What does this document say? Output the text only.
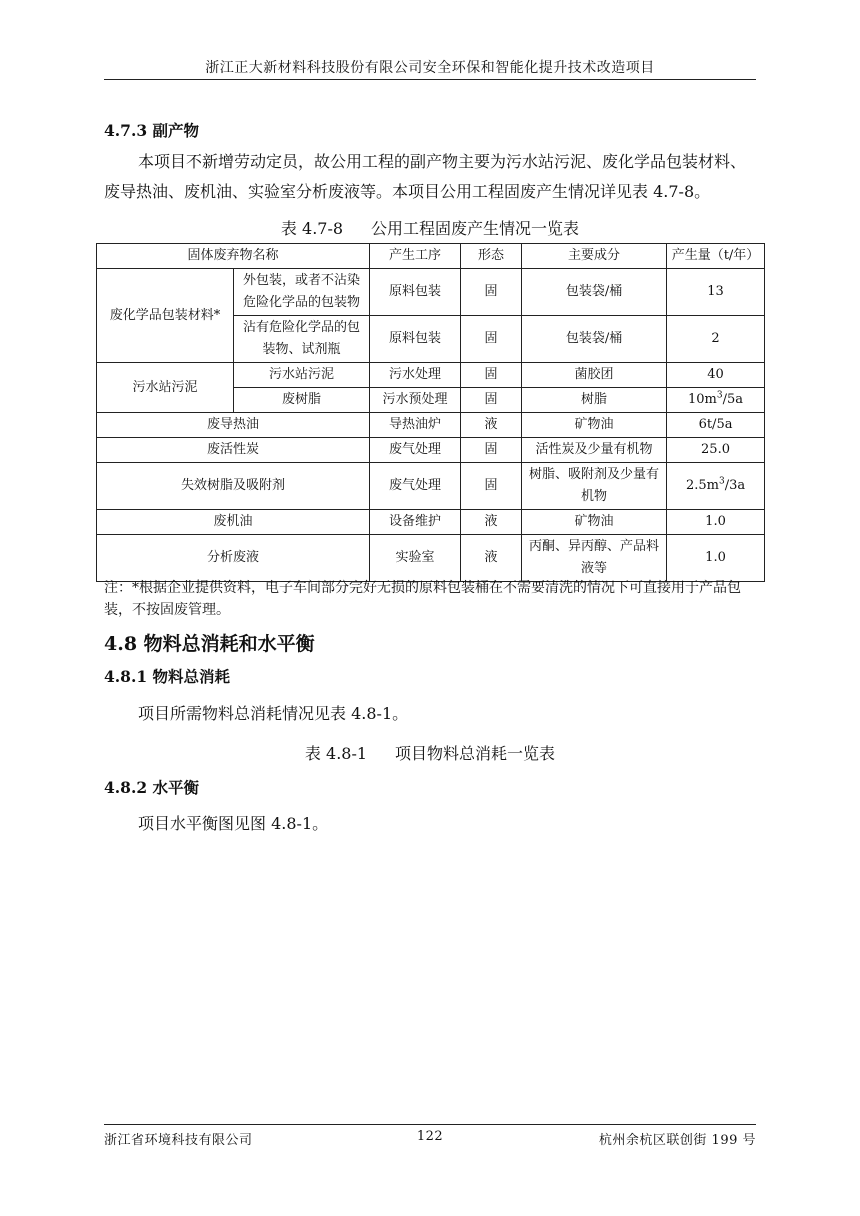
浙江正大新材料科技股份有限公司安全环保和智能化提升技术改造项目
4.7.3 副产物

本项目不新增劳动定员，故公用工程的副产物主要为污水站污泥、废化学品包装材料、废导热油、废机油、实验室分析废液等。本项目公用工程固废产生情况详见表 4.7-8。

表 4.7-8 公用工程固废产生情况一览表
固体废弃物名称		产生工序	形态	主要成分	产生量（t/年）
废化学品包装材料*	外包装，或者不沾染危险化学品的包装物	原料包装	固	包装袋/桶	13
	沾有危险化学品的包装物、试剂瓶	原料包装	固	包装袋/桶	2
污水站污泥	污水站污泥	污水处理	固	菌胶团	40
	废树脂	污水预处理	固	树脂	$10m^3/5a$
废导热油		导热油炉	液	矿物油	6t/5a
废活性炭		废气处理	固	活性炭及少量有机物	25.0
失效树脂及吸附剂		废气处理	固	树脂、吸附剂及少量有机物	$2.5m^3/3a$
废机油		设备维护	液	矿物油	1.0
分析废液		实验室	液	丙酮、异丙醇、产品料液等	1.0
注：*根据企业提供资料，电子车间部分完好无损的原料包装桶在不需要清洗的情况下可直接用于产品包装，不按固废管理。
4.8 物料总消耗和水平衡
4.8.1 物料总消耗

项目所需物料总消耗情况见表 4.8-1。

表 4.8-1 项目物料总消耗一览表
4.8.2 水平衡

项目水平衡图见图 4.8-1。

浙江省环境科技有限公司	122	杭州余杭区联创街 199 号
